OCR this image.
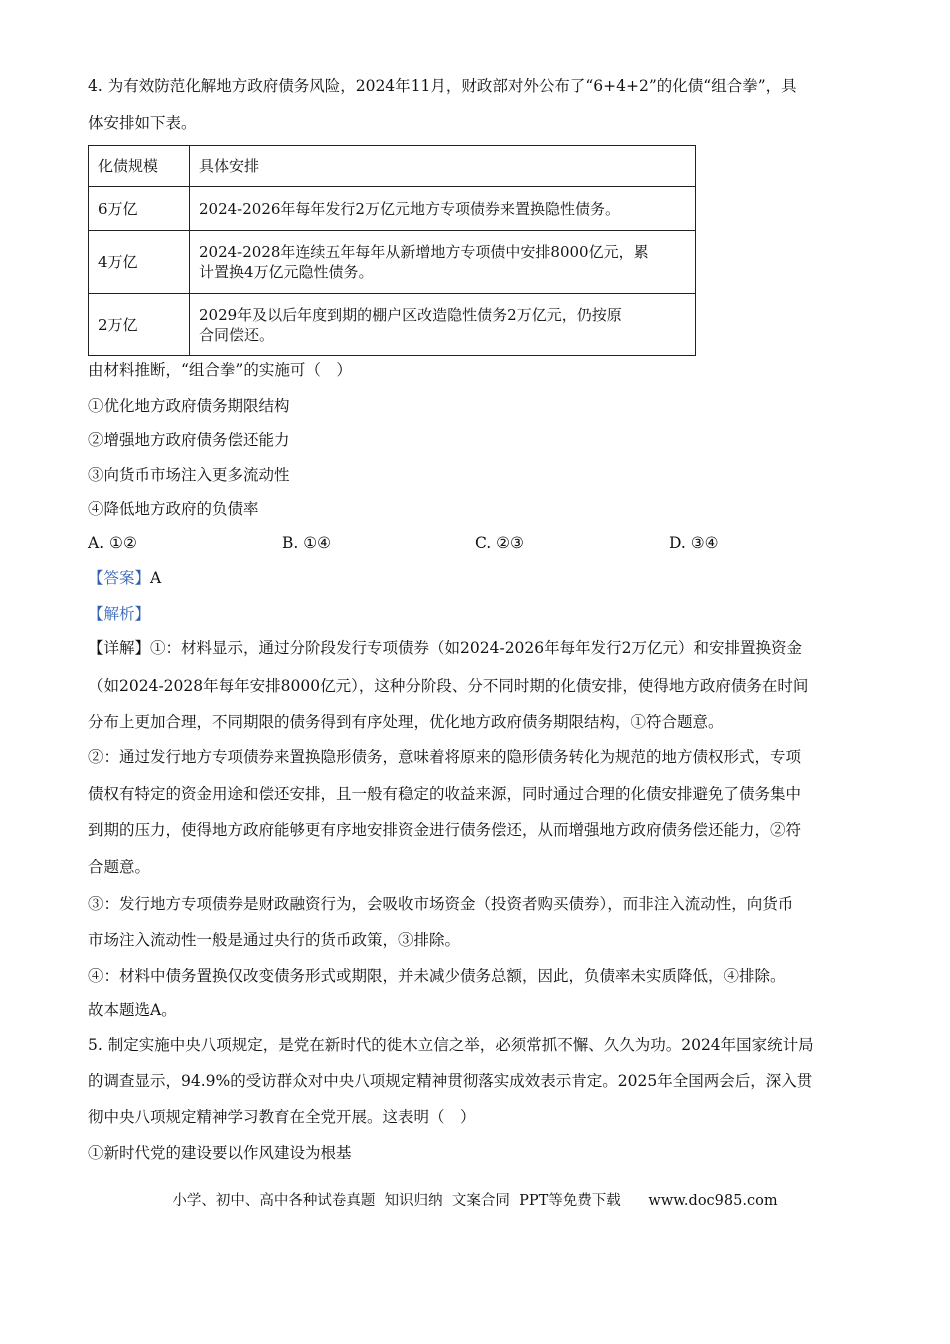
4. 为有效防范化解地方政府债务风险，2024年11月，财政部对外公布了“6+4+2”的化债“组合拳”，具
体安排如下表。
化债规模	具体安排
6万亿	2024-2026年每年发行2万亿元地方专项债券来置换隐性债务。
4万亿	2024-2028年连续五年每年从新增地方专项债中安排8000亿元，累
计置换4万亿元隐性债务。
2万亿	2029年及以后年度到期的棚户区改造隐性债务2万亿元，仍按原
合同偿还。
由材料推断，“组合拳”的实施可（　）
①优化地方政府债务期限结构
②增强地方政府债务偿还能力
③向货币市场注入更多流动性
④降低地方政府的负债率
A. ①②	B. ①④	C. ②③	D. ③④
【答案】A
【解析】
【详解】①：材料显示，通过分阶段发行专项债券（如2024-2026年每年发行2万亿元）和安排置换资金
（如2024-2028年每年安排8000亿元），这种分阶段、分不同时期的化债安排，使得地方政府债务在时间
分布上更加合理，不同期限的债务得到有序处理，优化地方政府债务期限结构，①符合题意。
②：通过发行地方专项债券来置换隐形债务，意味着将原来的隐形债务转化为规范的地方债权形式，专项
债权有特定的资金用途和偿还安排，且一般有稳定的收益来源，同时通过合理的化债安排避免了债务集中
到期的压力，使得地方政府能够更有序地安排资金进行债务偿还，从而增强地方政府债务偿还能力，②符
合题意。
③：发行地方专项债券是财政融资行为，会吸收市场资金（投资者购买债券），而非注入流动性，向货币
市场注入流动性一般是通过央行的货币政策，③排除。
④：材料中债务置换仅改变债务形式或期限，并未减少债务总额，因此，负债率未实质降低，④排除。
故本题选A。
5. 制定实施中央八项规定，是党在新时代的徙木立信之举，必须常抓不懈、久久为功。2024年国家统计局
的调查显示，94.9%的受访群众对中央八项规定精神贯彻落实成效表示肯定。2025年全国两会后，深入贯
彻中央八项规定精神学习教育在全党开展。这表明（　）
①新时代党的建设要以作风建设为根基
小学、初中、高中各种试卷真题  知识归纳  文案合同  PPT等免费下载 www.doc985.com
